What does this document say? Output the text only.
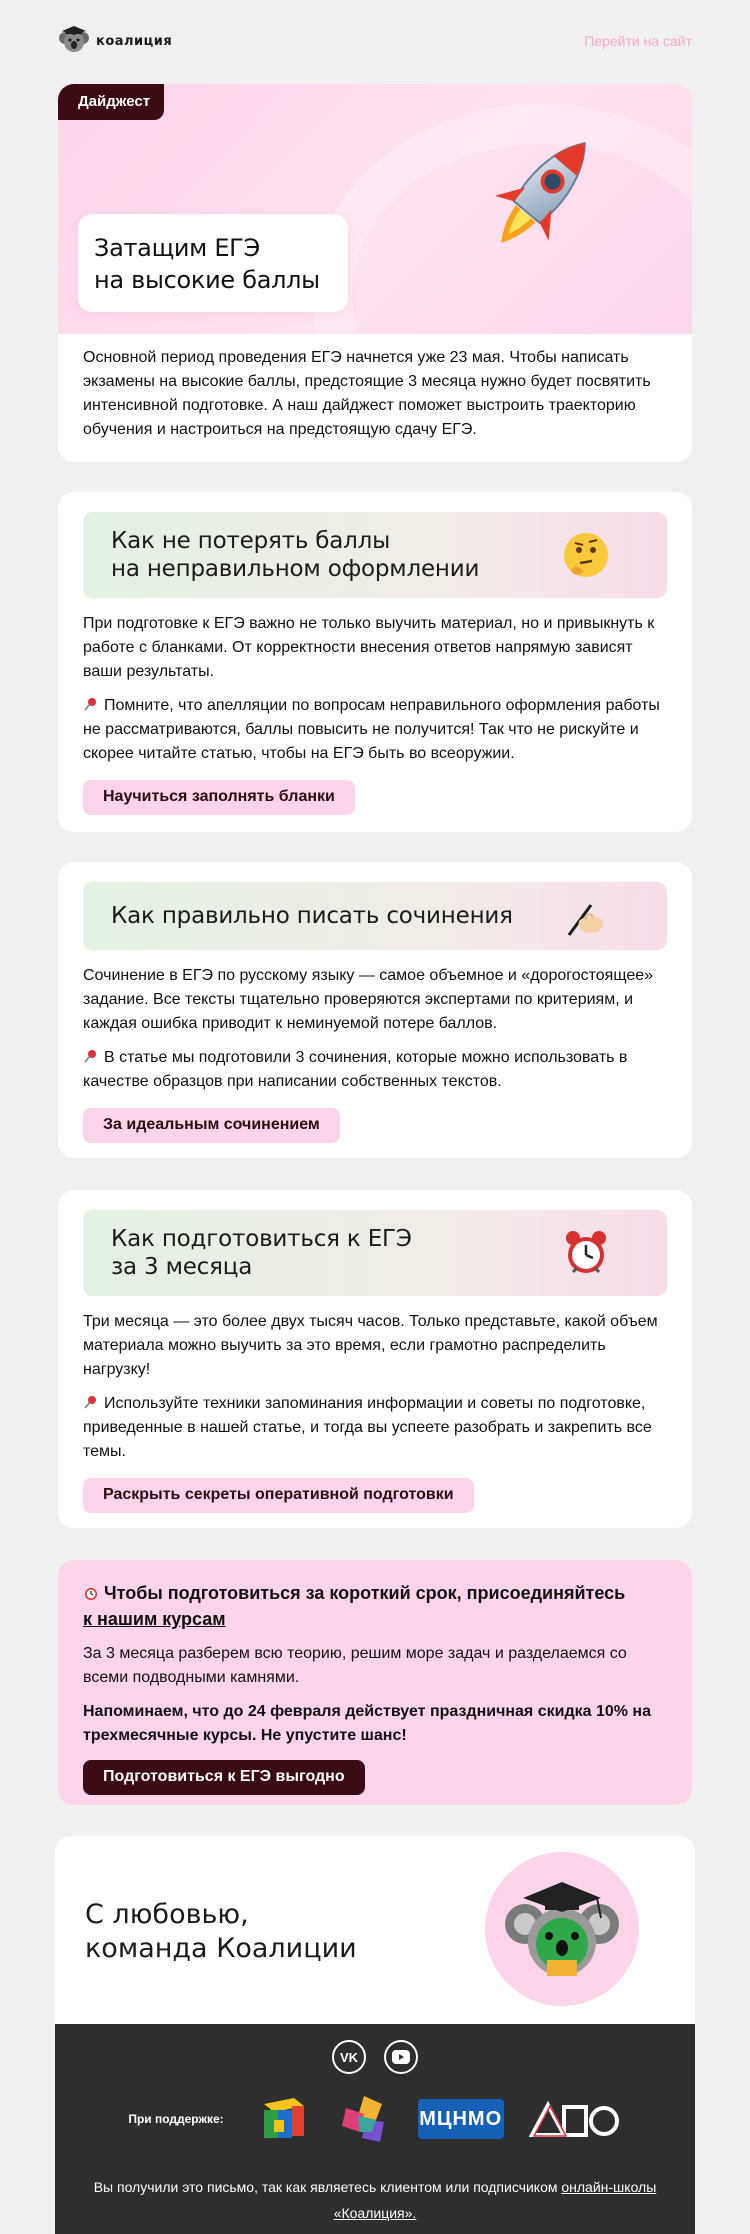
коалиция	Перейти на сайт
Дайджест
Затащим ЕГЭ
на высокие баллы
Основной период проведения ЕГЭ начнется уже 23 мая. Чтобы написать экзамены на высокие баллы, предстоящие 3 месяца нужно будет посвятить интенсивной подготовке. А наш дайджест поможет выстроить траекторию обучения и настроиться на предстоящую сдачу ЕГЭ.
Как не потерять баллы
на неправильном оформлении
При подготовке к ЕГЭ важно не только выучить материал, но и привыкнуть к работе с бланками. От корректности внесения ответов напрямую зависят ваши результаты.
Помните, что апелляции по вопросам неправильного оформления работы не рассматриваются, баллы повысить не получится! Так что не рискуйте и скорее читайте статью, чтобы на ЕГЭ быть во всеоружии.
Научиться заполнять бланки
Как правильно писать сочинения
Сочинение в ЕГЭ по русскому языку — самое объемное и «дорогостоящее» задание. Все тексты тщательно проверяются экспертами по критериям, и каждая ошибка приводит к неминуемой потере баллов.
В статье мы подготовили 3 сочинения, которые можно использовать в качестве образцов при написании собственных текстов.
За идеальным сочинением
Как подготовиться к ЕГЭ
за 3 месяца
Три месяца — это более двух тысяч часов. Только представьте, какой объем материала можно выучить за это время, если грамотно распределить нагрузку!
Используйте техники запоминания информации и советы по подготовке, приведенные в нашей статье, и тогда вы успеете разобрать и закрепить все темы.
Раскрыть секреты оперативной подготовки
Чтобы подготовиться за короткий срок, присоединяйтесь
к нашим курсам
За 3 месяца разберем всю теорию, решим море задач и разделаемся со всеми подводными камнями.
Напоминаем, что до 24 февраля действует праздничная скидка 10% на трехмесячные курсы. Не упустите шанс!
Подготовиться к ЕГЭ выгодно
С любовью,
команда Коалиции
VK
При поддержке:	МЦНМО
Вы получили это письмо, так как являетесь клиентом или подписчиком онлайн-школы «Коалиция».
